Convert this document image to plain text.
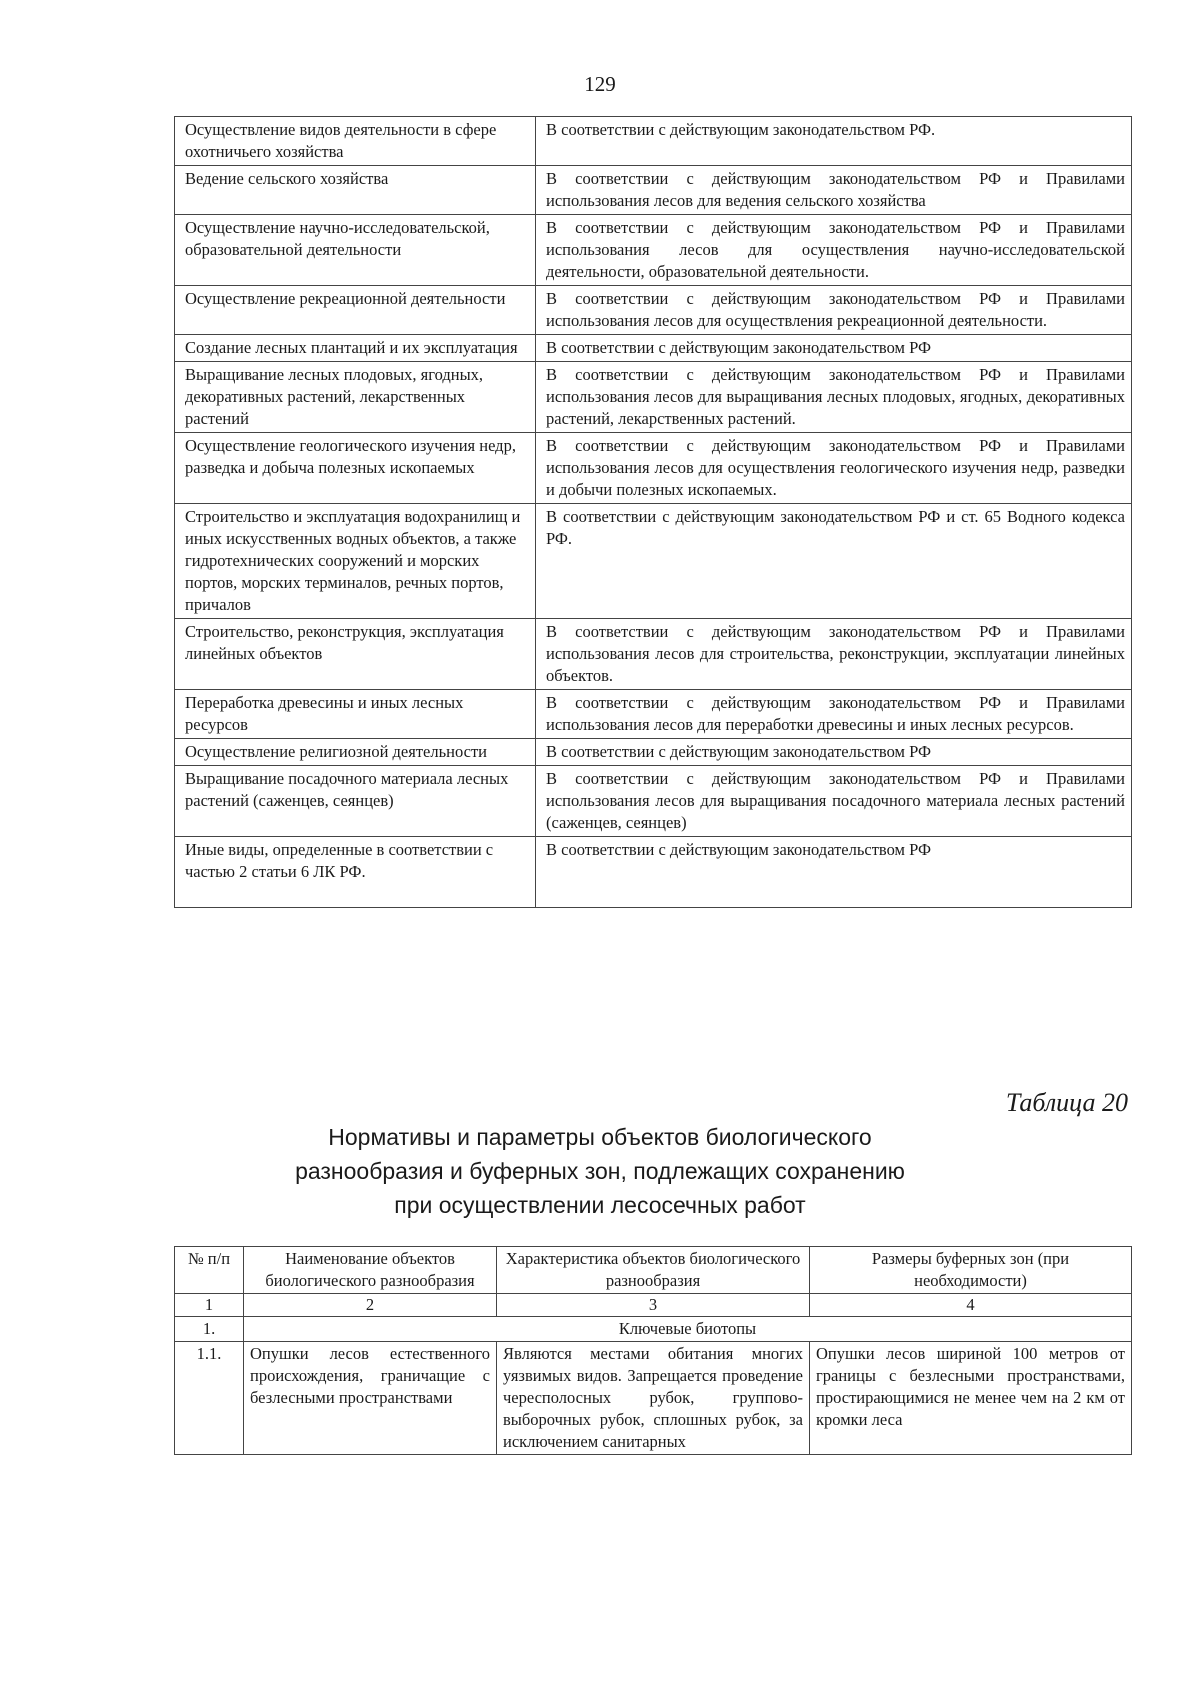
129
Осуществление видов деятельности в сфере охотничьего хозяйства	В соответствии с действующим законодательством РФ.
Ведение сельского хозяйства	В соответствии с действующим законодательством РФ и Правилами использования лесов для ведения сельского хозяйства
Осуществление научно-исследовательской, образовательной деятельности	В соответствии с действующим законодательством РФ и Правилами использования лесов для осуществления научно-исследовательской деятельности, образовательной деятельности.
Осуществление рекреационной деятельности	В соответствии с действующим законодательством РФ и Правилами использования лесов для осуществления рекреационной деятельности.
Создание лесных плантаций и их эксплуатация	В соответствии с действующим законодательством РФ
Выращивание лесных плодовых, ягодных, декоративных растений, лекарственных растений	В соответствии с действующим законодательством РФ и Правилами использования лесов для выращивания лесных плодовых, ягодных, декоративных растений, лекарственных растений.
Осуществление геологического изучения недр, разведка и добыча полезных ископаемых	В соответствии с действующим законодательством РФ и Правилами использования лесов для осуществления геологического изучения недр, разведки и добычи полезных ископаемых.
Строительство и эксплуатация водохранилищ и иных искусственных водных объектов, а также гидротехнических сооружений и морских портов, морских терминалов, речных портов, причалов	В соответствии с действующим законодательством РФ и ст. 65 Водного кодекса РФ.
Строительство, реконструкция, эксплуатация линейных объектов	В соответствии с действующим законодательством РФ и Правилами использования лесов для строительства, реконструкции, эксплуатации линейных объектов.
Переработка древесины и иных лесных ресурсов	В соответствии с действующим законодательством РФ и Правилами использования лесов для переработки древесины и иных лесных ресурсов.
Осуществление религиозной деятельности	В соответствии с действующим законодательством РФ
Выращивание посадочного материала лесных растений (саженцев, сеянцев)	В соответствии с действующим законодательством РФ и Правилами использования лесов для выращивания посадочного материала лесных растений (саженцев, сеянцев)
Иные виды, определенные в соответствии с частью 2 статьи 6 ЛК РФ.	В соответствии с действующим законодательством РФ
Таблица 20
Нормативы и параметры объектов биологического
разнообразия и буферных зон, подлежащих сохранению
при осуществлении лесосечных работ
№ п/п	Наименование объектов биологического разнообразия	Характеристика объектов биологического разнообразия	Размеры буферных зон (при необходимости)
1	2	3	4
1.	Ключевые биотопы		
1.1.	Опушки лесов естественного происхождения, граничащие с безлесными пространствами	Являются местами обитания многих уязвимых видов. Запрещается проведение чересполосных рубок, группово-выборочных рубок, сплошных рубок, за исключением санитарных	Опушки лесов шириной 100 метров от границы с безлесными пространствами, простирающимися не менее чем на 2 км от кромки леса
